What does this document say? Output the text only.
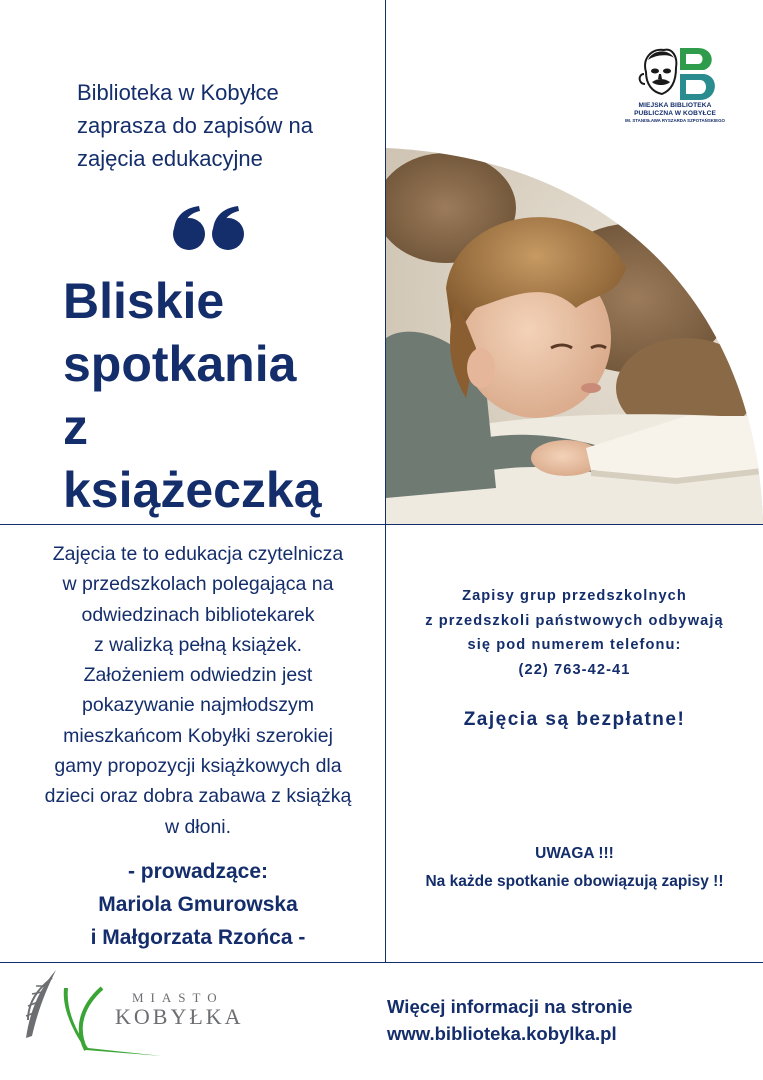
Biblioteka w Kobyłce
zaprasza do zapisów na
zajęcia edukacyjne
Bliskie
spotkania
z
książeczką
MIEJSKA BIBLIOTEKA
PUBLICZNA W KOBYŁCE
IM. STANISŁAWA RYSZARDA SZPOTAŃSKIEGO
Zajęcia te to edukacja czytelnicza
w przedszkolach polegająca na
odwiedzinach bibliotekarek
z walizką pełną książek.
Założeniem odwiedzin jest
pokazywanie najmłodszym
mieszkańcom Kobyłki szerokiej
gamy propozycji książkowych dla
dzieci oraz dobra zabawa z książką
w dłoni.
- prowadzące:
Mariola Gmurowska
i Małgorzata Rzońca -
Zapisy grup przedszkolnych
z przedszkoli państwowych odbywają
się pod numerem telefonu:
(22) 763-42-41
Zajęcia są bezpłatne!
UWAGA !!!
Na każde spotkanie obowiązują zapisy !!
MIASTO
KOBYŁKA	Więcej informacji na stronie
www.biblioteka.kobylka.pl
